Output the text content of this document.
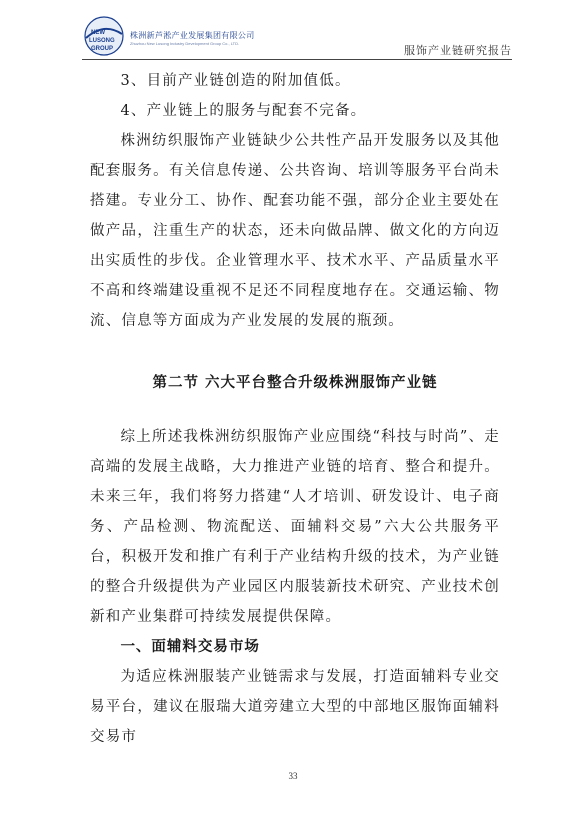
NEW
LUSONG
GROUP
株洲新芦淞产业发展集团有限公司
Zhuzhou New Lusong Industry Development Group Co., LTD.
服饰产业链研究报告

3、目前产业链创造的附加值低。

4、产业链上的服务与配套不完备。

株洲纺织服饰产业链缺少公共性产品开发服务以及其他配套服务。有关信息传递、公共咨询、培训等服务平台尚未搭建。专业分工、协作、配套功能不强，部分企业主要处在做产品，注重生产的状态，还未向做品牌、做文化的方向迈出实质性的步伐。企业管理水平、技术水平、产品质量水平不高和终端建设重视不足还不同程度地存在。交通运输、物流、信息等方面成为产业发展的发展的瓶颈。

第二节 六大平台整合升级株洲服饰产业链

综上所述我株洲纺织服饰产业应围绕“科技与时尚”、走高端的发展主战略，大力推进产业链的培育、整合和提升。未来三年，我们将努力搭建“人才培训、研发设计、电子商务、产品检测、物流配送、面辅料交易”六大公共服务平台，积极开发和推广有利于产业结构升级的技术，为产业链的整合升级提供为产业园区内服装新技术研究、产业技术创新和产业集群可持续发展提供保障。

一、面辅料交易市场

为适应株洲服装产业链需求与发展，打造面辅料专业交易平台，建议在服瑞大道旁建立大型的中部地区服饰面辅料交易市

33
